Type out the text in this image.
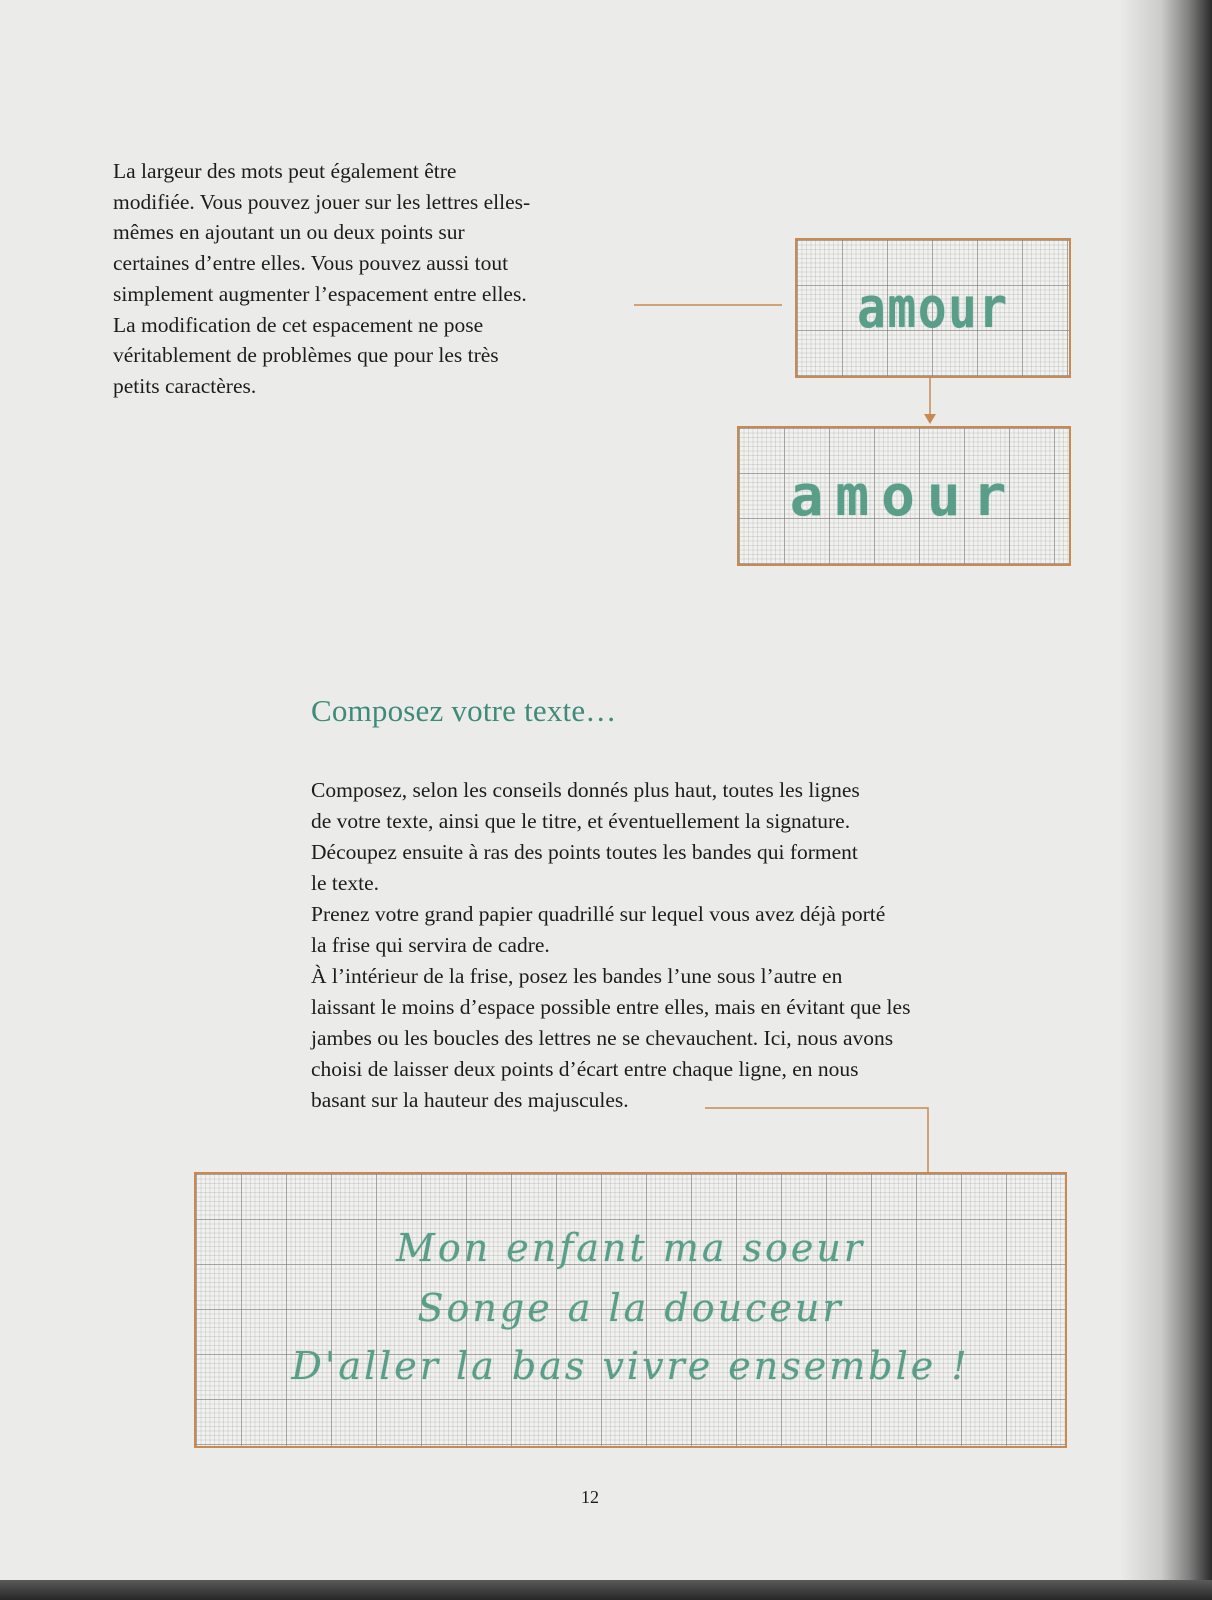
La largeur des mots peut également être
modifiée. Vous pouvez jouer sur les lettres elles-
mêmes en ajoutant un ou deux points sur
certaines d’entre elles. Vous pouvez aussi tout
simplement augmenter l’espacement entre elles.
La modification de cet espacement ne pose
véritablement de problèmes que pour les très
petits caractères.

amour
amour
Composez votre texte…

Composez, selon les conseils donnés plus haut, toutes les lignes
de votre texte, ainsi que le titre, et éventuellement la signature.
Découpez ensuite à ras des points toutes les bandes qui forment
le texte.
Prenez votre grand papier quadrillé sur lequel vous avez déjà porté
la frise qui servira de cadre.
À l’intérieur de la frise, posez les bandes l’une sous l’autre en
laissant le moins d’espace possible entre elles, mais en évitant que les
jambes ou les boucles des lettres ne se chevauchent. Ici, nous avons
choisi de laisser deux points d’écart entre chaque ligne, en nous
basant sur la hauteur des majuscules.

Mon enfant ma soeur
Songe a la douceur
D'aller la bas vivre ensemble !
12
